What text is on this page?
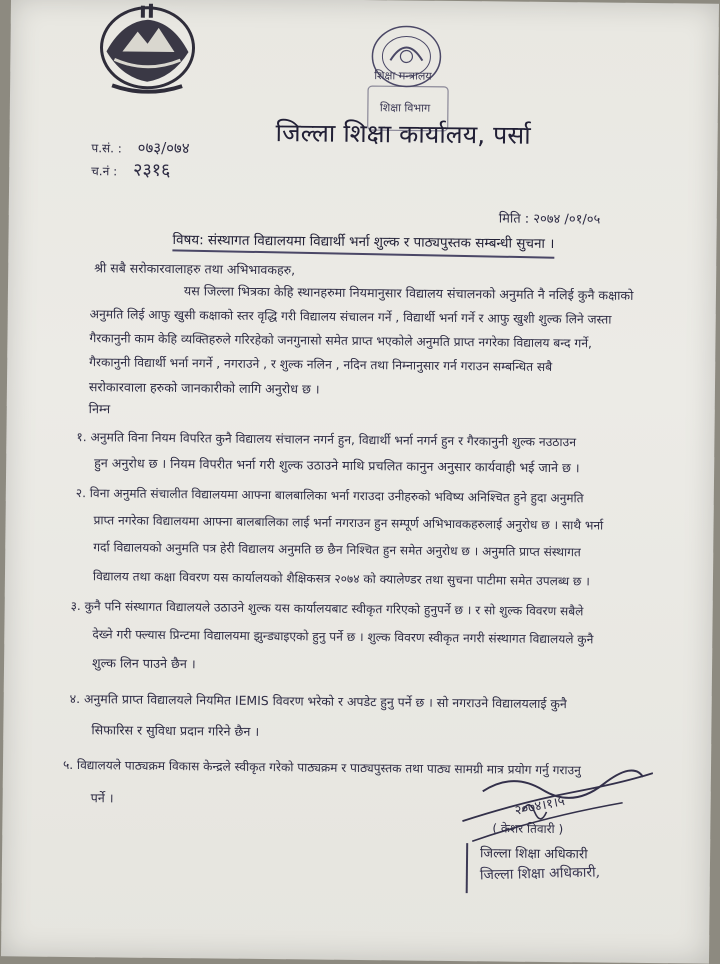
शिक्षा मन्त्रालय
शिक्षा विभाग
जिल्ला शिक्षा कार्यालय, पर्सा
प.सं. : ०७३/०७४
च.नं : २३१६
मिति : २०७४ /०१/०५
विषय: संस्थागत विद्यालयमा विद्यार्थी भर्ना शुल्क र पाठ्यपुस्तक सम्बन्धी सुचना ।
श्री सबै सरोकारवालाहरु तथा अभिभावकहरु,
यस जिल्ला भित्रका केहि स्थानहरुमा नियमानुसार विद्यालय संचालनको अनुमति नै नलिई कुनै कक्षाको
अनुमति लिई आफु खुसी कक्षाको स्तर वृद्धि गरी विद्यालय संचालन गर्ने , विद्यार्थी भर्ना गर्ने र आफु खुशी शुल्क लिने जस्ता
गैरकानुनी काम केहि व्यक्तिहरुले गरिरहेको जनगुनासो समेत प्राप्त भएकोले अनुमति प्राप्त नगरेका विद्यालय बन्द गर्ने,
गैरकानुनी विद्यार्थी भर्ना नगर्ने , नगराउने , र शुल्क नलिन , नदिन तथा निम्नानुसार गर्न गराउन सम्बन्धित सबै
सरोकारवाला हरुको जानकारीको लागि अनुरोध छ ।
निम्न
१. अनुमति विना नियम विपरित कुनै विद्यालय संचालन नगर्न हुन, विद्यार्थी भर्ना नगर्न हुन र गैरकानुनी शुल्क नउठाउन
हुन अनुरोध छ । नियम विपरीत भर्ना गरी शुल्क उठाउने माथि प्रचलित कानुन अनुसार कार्यवाही भई जाने छ ।
२. विना अनुमति संचालीत विद्यालयमा आफ्ना बालबालिका भर्ना गराउदा उनीहरुको भविष्य अनिश्चित हुने हुदा अनुमति
प्राप्त नगरेका विद्यालयमा आफ्ना बालबालिका लाई भर्ना नगराउन हुन सम्पूर्ण अभिभावकहरुलाई अनुरोध छ । साथै भर्ना
गर्दा विद्यालयको अनुमति पत्र हेरी विद्यालय अनुमति छ छैन निश्चित हुन समेत अनुरोध छ । अनुमति प्राप्त संस्थागत
विद्यालय तथा कक्षा विवरण यस कार्यालयको शैक्षिकसत्र २०७४ को क्यालेण्डर तथा सुचना पाटीमा समेत उपलब्ध छ ।
३. कुनै पनि संस्थागत विद्यालयले उठाउने शुल्क यस कार्यालयबाट स्वीकृत गरिएको हुनुपर्ने छ । र सो शुल्क विवरण सबैले
देख्ने गरी फ्ल्यास प्रिन्टमा विद्यालयमा झुन्ड्याइएको हुनु पर्ने छ । शुल्क विवरण स्वीकृत नगरी संस्थागत विद्यालयले कुनै
शुल्क लिन पाउने छैन ।
४. अनुमति प्राप्त विद्यालयले नियमित IEMIS विवरण भरेको र अपडेट हुनु पर्ने छ । सो नगराउने विद्यालयलाई कुनै
सिफारिस र सुविधा प्रदान गरिने छैन ।
५. विद्यालयले पाठ्यक्रम विकास केन्द्रले स्वीकृत गरेको पाठ्यक्रम र पाठ्यपुस्तक तथा पाठ्य सामग्री मात्र प्रयोग गर्नु गराउनु
पर्ने ।	२०७४।१।५
( केशर तिवारी )
जिल्ला शिक्षा अधिकारी
जिल्ला शिक्षा अधिकारी,
